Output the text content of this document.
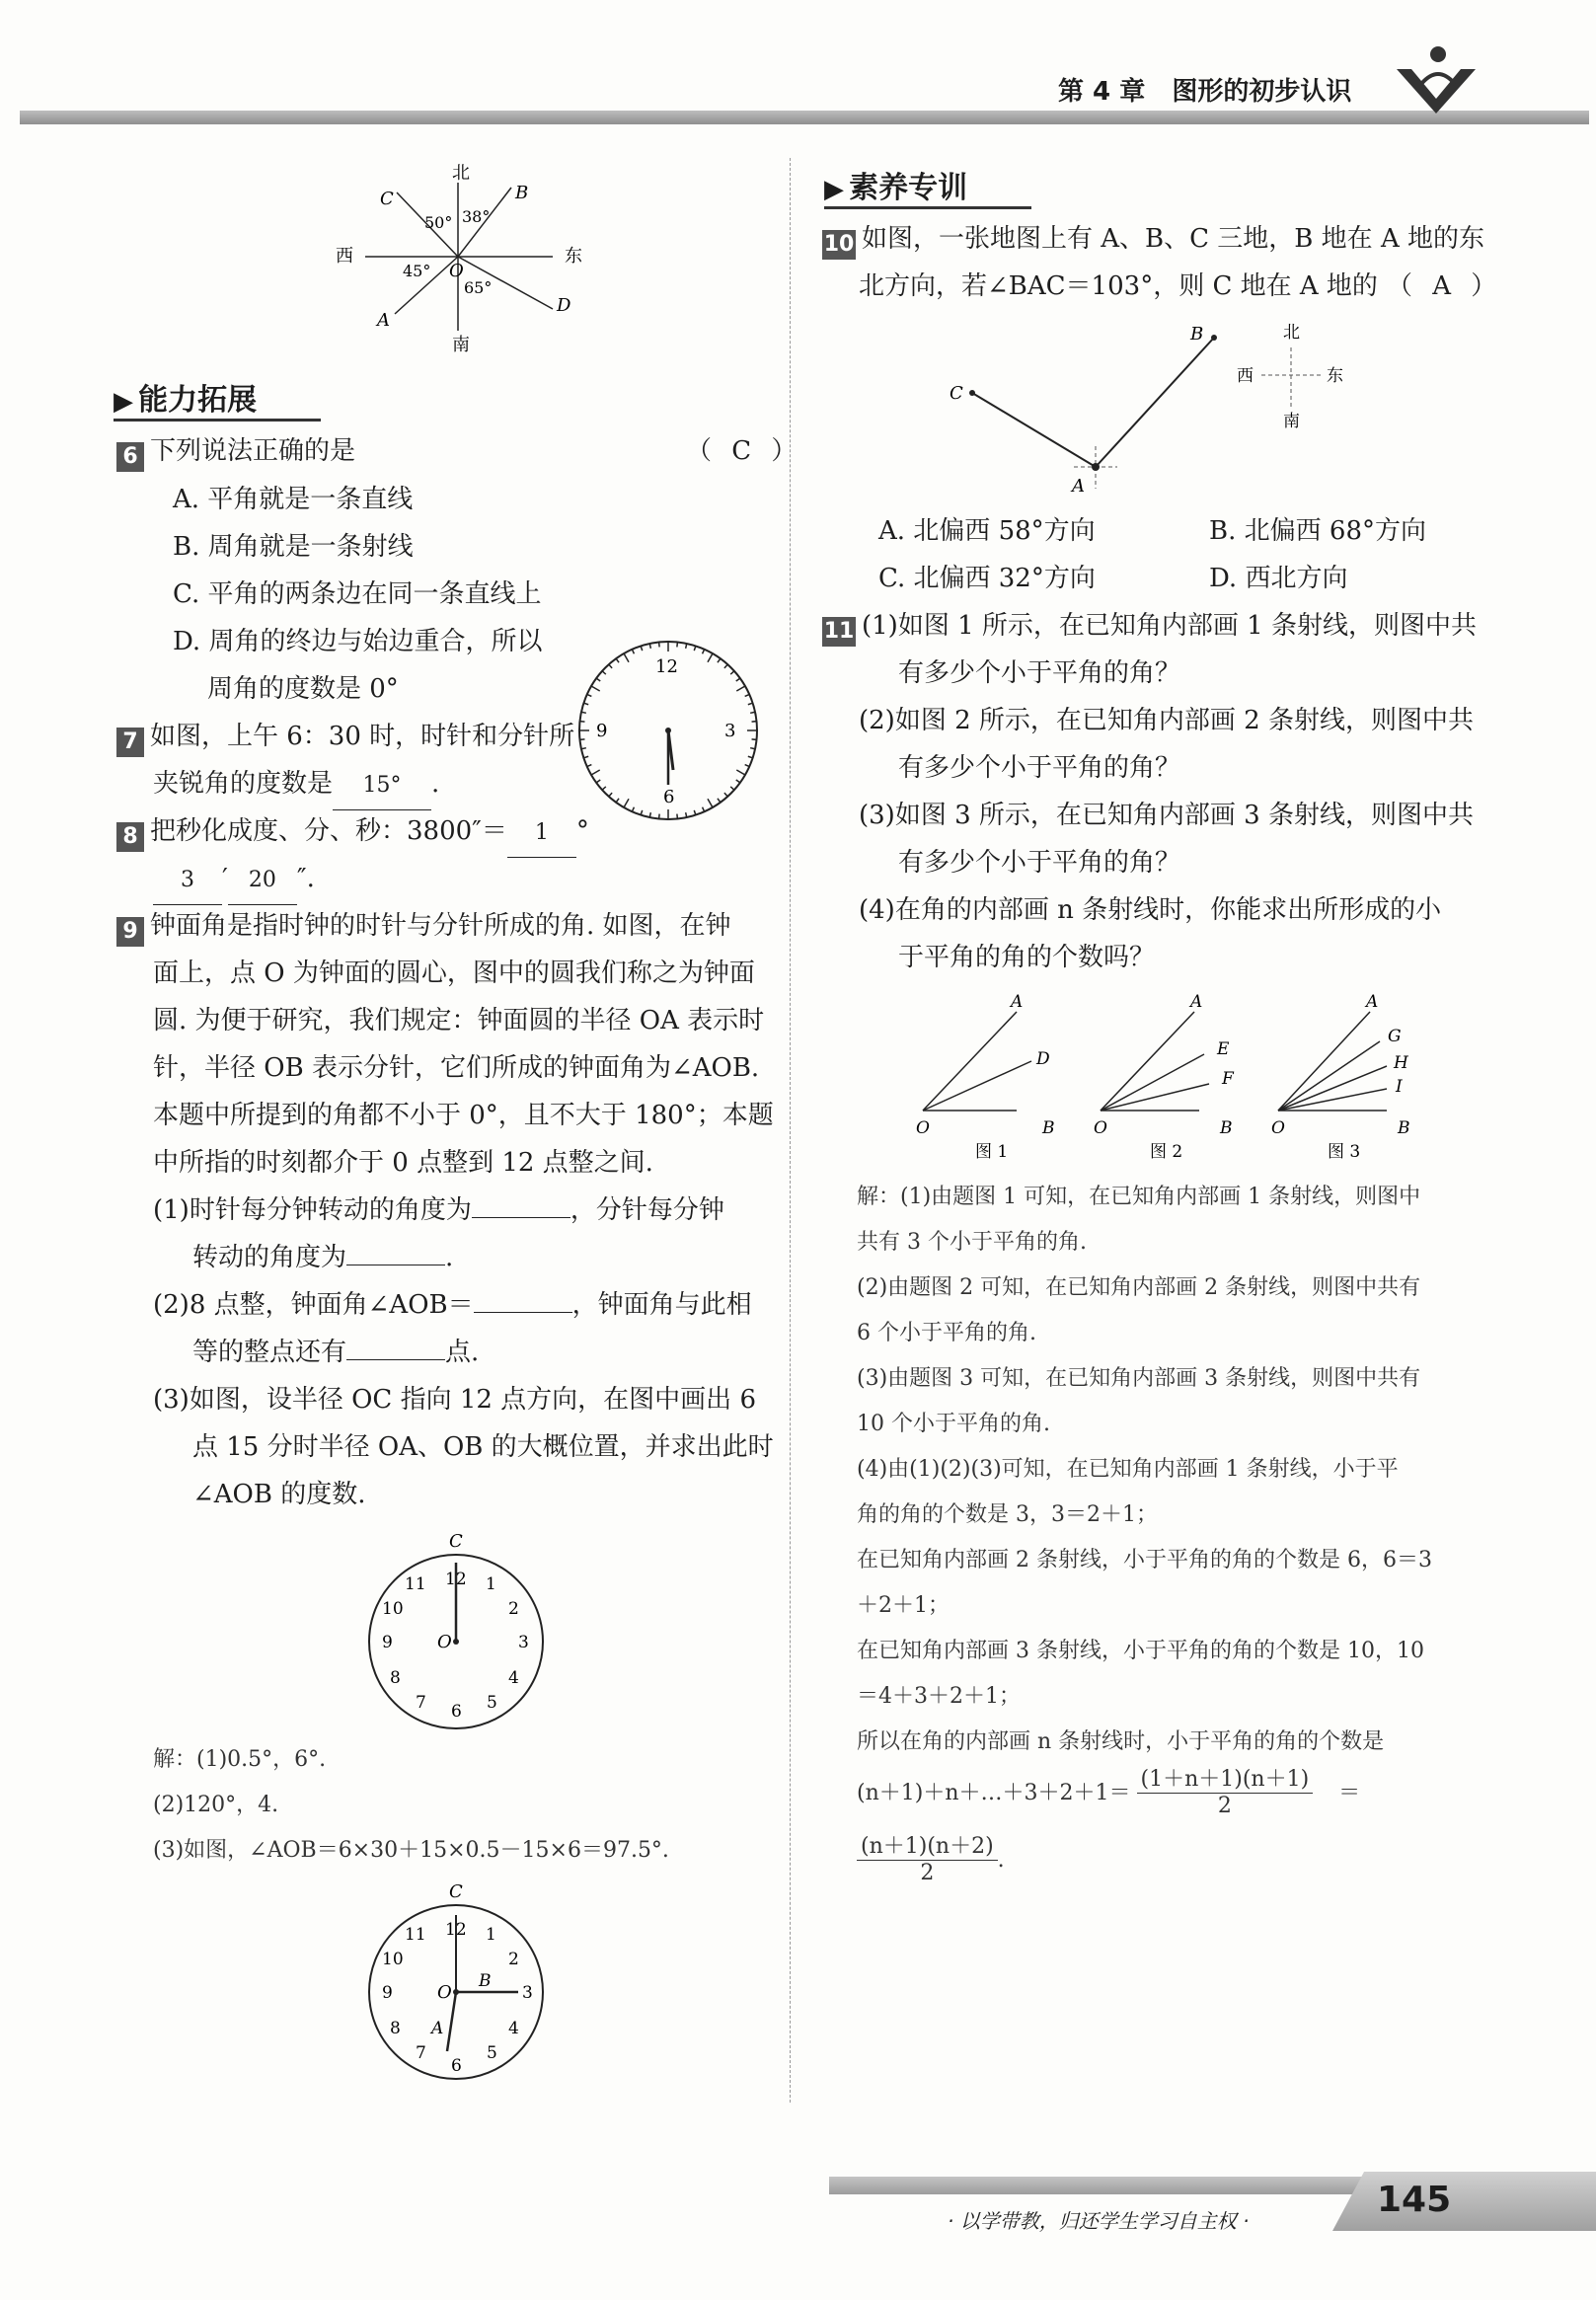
第 4 章 图形的初步认识
北
南
西	东
C	B
A
D
O
50° 38°
45°
65°
▶ 能力拓展
6 下列说法正确的是	（ C ）
A. 平角就是一条直线
B. 周角就是一条射线
C. 平角的两条边在同一条直线上
D. 周角的终边与始边重合，所以
周角的度数是 0°
12
3
6
9
7 如图，上午 6：30 时，时针和分针所
夹锐角的度数是 15° .
8 把秒化成度、分、秒：3800″＝ 1 °
3 ′ 20 ″.
9 钟面角是指时钟的时针与分针所成的角. 如图，在钟
面上，点 O 为钟面的圆心，图中的圆我们称之为钟面
圆. 为便于研究，我们规定：钟面圆的半径 OA 表示时
针，半径 OB 表示分针，它们所成的钟面角为∠AOB.
本题中所提到的角都不小于 0°，且不大于 180°；本题
中所指的时刻都介于 0 点整到 12 点整之间.
(1)时针每分钟转动的角度为	，分针每分钟
转动的角度为	.
(2)8 点整，钟面角∠AOB＝	，钟面角与此相
等的整点还有	点.
(3)如图，设半径 OC 指向 12 点方向，在图中画出 6
点 15 分时半径 OA、OB 的大概位置，并求出此时
∠AOB 的度数.
C
O
12 1
2
3
4
5
6
7
8
9
10
11
解：(1)0.5°，6°.
(2)120°，4.
(3)如图，∠AOB＝6×30＋15×0.5－15×6＝97.5°.
C
O
B
A
12 1
2
3
4
5
6
7
8
9
10
11
▶ 素养专训
10 如图，一张地图上有 A、B、C 三地，B 地在 A 地的东
北方向，若∠BAC＝103°，则 C 地在 A 地的 （ A ）
C
B
A
北
南
西	东
A. 北偏西 58°方向	B. 北偏西 68°方向
C. 北偏西 32°方向	D. 西北方向
11 (1)如图 1 所示，在已知角内部画 1 条射线，则图中共
有多少个小于平角的角？
(2)如图 2 所示，在已知角内部画 2 条射线，则图中共
有多少个小于平角的角？
(3)如图 3 所示，在已知角内部画 3 条射线，则图中共
有多少个小于平角的角？
(4)在角的内部画 n 条射线时，你能求出所形成的小
于平角的角的个数吗？
A
D
O	B
图 1
A
E
F
O	B
图 2
A
G
H
I
O	B
图 3
解：(1)由题图 1 可知，在已知角内部画 1 条射线，则图中
共有 3 个小于平角的角.
(2)由题图 2 可知，在已知角内部画 2 条射线，则图中共有
6 个小于平角的角.
(3)由题图 3 可知，在已知角内部画 3 条射线，则图中共有
10 个小于平角的角.
(4)由(1)(2)(3)可知，在已知角内部画 1 条射线，小于平
角的角的个数是 3，3＝2＋1；
在已知角内部画 2 条射线，小于平角的角的个数是 6，6＝3
＋2＋1；
在已知角内部画 3 条射线，小于平角的角的个数是 10，10
＝4＋3＋2＋1；
所以在角的内部画 n 条射线时，小于平角的角的个数是
(n＋1)＋n＋…＋3＋2＋1＝
(1＋n＋1)(n＋1)
2
＝
(n＋1)(n＋2)
2
.
· 以学带教，归还学生学习自主权 ·
145
